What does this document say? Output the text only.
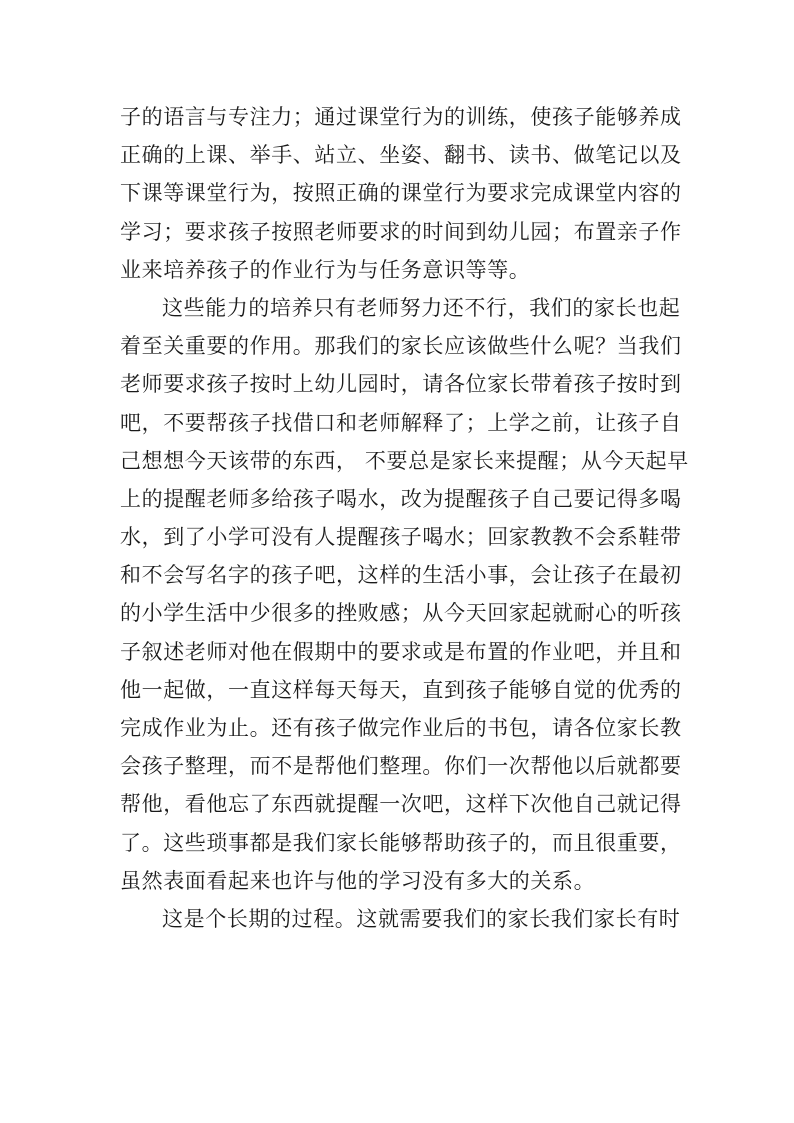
子的语言与专注力；通过课堂行为的训练，使孩子能够养成
正确的上课、举手、站立、坐姿、翻书、读书、做笔记以及
下课等课堂行为，按照正确的课堂行为要求完成课堂内容的
学习；要求孩子按照老师要求的时间到幼儿园；布置亲子作
业来培养孩子的作业行为与任务意识等等。
这些能力的培养只有老师努力还不行，我们的家长也起
着至关重要的作用。那我们的家长应该做些什么呢？当我们
老师要求孩子按时上幼儿园时，请各位家长带着孩子按时到
吧，不要帮孩子找借口和老师解释了；上学之前，让孩子自
己想想今天该带的东西， 不要总是家长来提醒；从今天起早
上的提醒老师多给孩子喝水，改为提醒孩子自己要记得多喝
水，到了小学可没有人提醒孩子喝水；回家教教不会系鞋带
和不会写名字的孩子吧，这样的生活小事，会让孩子在最初
的小学生活中少很多的挫败感；从今天回家起就耐心的听孩
子叙述老师对他在假期中的要求或是布置的作业吧，并且和
他一起做，一直这样每天每天，直到孩子能够自觉的优秀的
完成作业为止。还有孩子做完作业后的书包，请各位家长教
会孩子整理，而不是帮他们整理。你们一次帮他以后就都要
帮他，看他忘了东西就提醒一次吧，这样下次他自己就记得
了。这些琐事都是我们家长能够帮助孩子的，而且很重要，
虽然表面看起来也许与他的学习没有多大的关系。
这是个长期的过程。这就需要我们的家长我们家长有时
